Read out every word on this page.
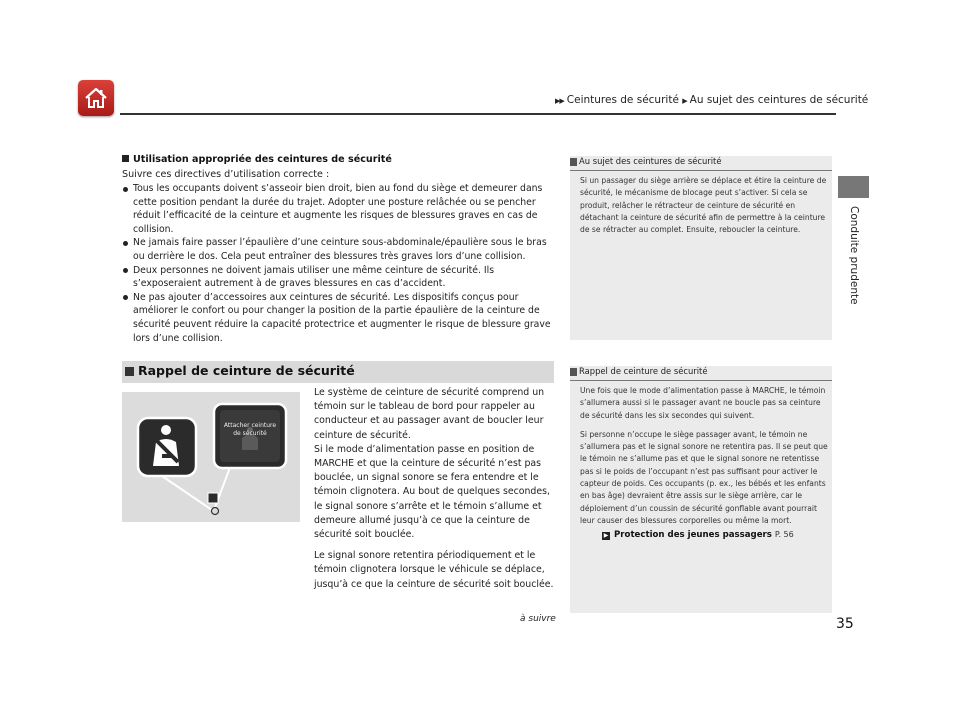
▶▶ Ceintures de sécurité ▶ Au sujet des ceintures de sécurité
Conduite prudente
Utilisation appropriée des ceintures de sécurité
Suivre ces directives d’utilisation correcte :
Tous les occupants doivent s’asseoir bien droit, bien au fond du siège et demeurer dans cette position pendant la durée du trajet. Adopter une posture relâchée ou se pencher réduit l’efficacité de la ceinture et augmente les risques de blessures graves en cas de collision.
Ne jamais faire passer l’épaulière d’une ceinture sous-abdominale/épaulière sous le bras ou derrière le dos. Cela peut entraîner des blessures très graves lors d’une collision.
Deux personnes ne doivent jamais utiliser une même ceinture de sécurité. Ils s’exposeraient autrement à de graves blessures en cas d’accident.
Ne pas ajouter d’accessoires aux ceintures de sécurité. Les dispositifs conçus pour améliorer le confort ou pour changer la position de la partie épaulière de la ceinture de sécurité peuvent réduire la capacité protectrice et augmenter le risque de blessure grave lors d’une collision.
Rappel de ceinture de sécurité
Attacher ceinture de sécurité

Le système de ceinture de sécurité comprend un témoin sur le tableau de bord pour rappeler au conducteur et au passager avant de boucler leur ceinture de sécurité.

Si le mode d’alimentation passe en position de MARCHE et que la ceinture de sécurité n’est pas bouclée, un signal sonore se fera entendre et le témoin clignotera. Au bout de quelques secondes, le signal sonore s’arrête et le témoin s’allume et demeure allumé jusqu’à ce que la ceinture de sécurité soit bouclée.

Le signal sonore retentira périodiquement et le témoin clignotera lorsque le véhicule se déplace, jusqu’à ce que la ceinture de sécurité soit bouclée.

Au sujet des ceintures de sécurité

Si un passager du siège arrière se déplace et étire la ceinture de sécurité, le mécanisme de blocage peut s’activer. Si cela se produit, relâcher le rétracteur de ceinture de sécurité en détachant la ceinture de sécurité afin de permettre à la ceinture de se rétracter au complet. Ensuite, reboucler la ceinture.

Rappel de ceinture de sécurité

Une fois que le mode d’alimentation passe à MARCHE, le témoin s’allumera aussi si le passager avant ne boucle pas sa ceinture de sécurité dans les six secondes qui suivent.

Si personne n’occupe le siège passager avant, le témoin ne s’allumera pas et le signal sonore ne retentira pas. Il se peut que le témoin ne s’allume pas et que le signal sonore ne retentisse pas si le poids de l’occupant n’est pas suffisant pour activer le capteur de poids. Ces occupants (p. ex., les bébés et les enfants en bas âge) devraient être assis sur le siège arrière, car le déploiement d’un coussin de sécurité gonflable avant pourrait leur causer des blessures corporelles ou même la mort.

▶ Protection des jeunes passagers P. 56
à suivre	35
